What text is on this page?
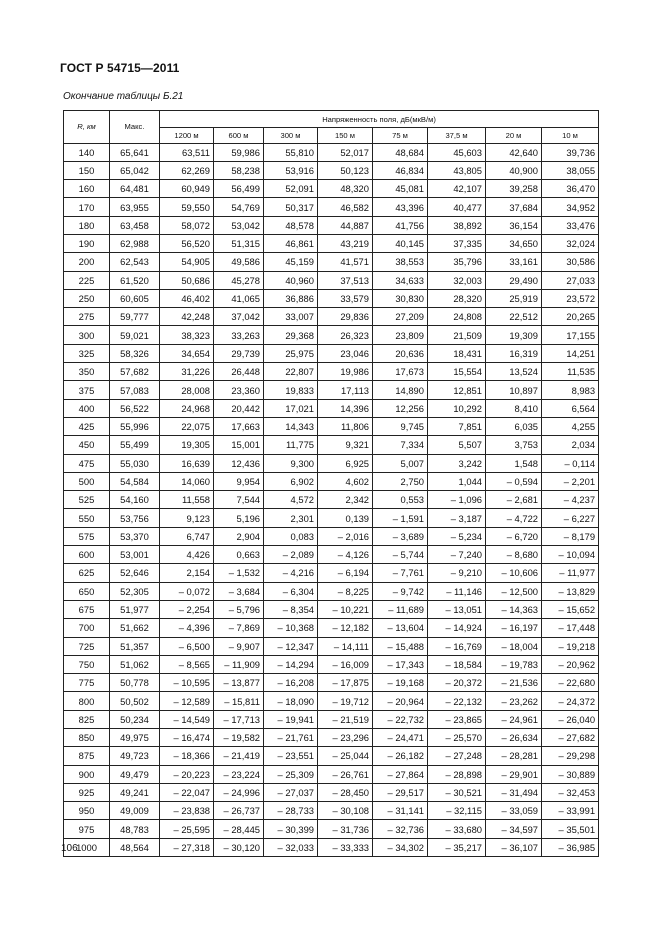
ГОСТ Р 54715—2011
Окончание таблицы Б.21
R, км	Макс.	Напряженность поля, дБ(мкВ/м)							
		1200 м	600 м	300 м	150 м	75 м	37,5 м	20 м	10 м
140	65,641	63,511	59,986	55,810	52,017	48,684	45,603	42,640	39,736
150	65,042	62,269	58,238	53,916	50,123	46,834	43,805	40,900	38,055
160	64,481	60,949	56,499	52,091	48,320	45,081	42,107	39,258	36,470
170	63,955	59,550	54,769	50,317	46,582	43,396	40,477	37,684	34,952
180	63,458	58,072	53,042	48,578	44,887	41,756	38,892	36,154	33,476
190	62,988	56,520	51,315	46,861	43,219	40,145	37,335	34,650	32,024
200	62,543	54,905	49,586	45,159	41,571	38,553	35,796	33,161	30,586
225	61,520	50,686	45,278	40,960	37,513	34,633	32,003	29,490	27,033
250	60,605	46,402	41,065	36,886	33,579	30,830	28,320	25,919	23,572
275	59,777	42,248	37,042	33,007	29,836	27,209	24,808	22,512	20,265
300	59,021	38,323	33,263	29,368	26,323	23,809	21,509	19,309	17,155
325	58,326	34,654	29,739	25,975	23,046	20,636	18,431	16,319	14,251
350	57,682	31,226	26,448	22,807	19,986	17,673	15,554	13,524	11,535
375	57,083	28,008	23,360	19,833	17,113	14,890	12,851	10,897	8,983
400	56,522	24,968	20,442	17,021	14,396	12,256	10,292	8,410	6,564
425	55,996	22,075	17,663	14,343	11,806	9,745	7,851	6,035	4,255
450	55,499	19,305	15,001	11,775	9,321	7,334	5,507	3,753	2,034
475	55,030	16,639	12,436	9,300	6,925	5,007	3,242	1,548	– 0,114
500	54,584	14,060	9,954	6,902	4,602	2,750	1,044	– 0,594	– 2,201
525	54,160	11,558	7,544	4,572	2,342	0,553	– 1,096	– 2,681	– 4,237
550	53,756	9,123	5,196	2,301	0,139	– 1,591	– 3,187	– 4,722	– 6,227
575	53,370	6,747	2,904	0,083	– 2,016	– 3,689	– 5,234	– 6,720	– 8,179
600	53,001	4,426	0,663	– 2,089	– 4,126	– 5,744	– 7,240	– 8,680	– 10,094
625	52,646	2,154	– 1,532	– 4,216	– 6,194	– 7,761	– 9,210	– 10,606	– 11,977
650	52,305	– 0,072	– 3,684	– 6,304	– 8,225	– 9,742	– 11,146	– 12,500	– 13,829
675	51,977	– 2,254	– 5,796	– 8,354	– 10,221	– 11,689	– 13,051	– 14,363	– 15,652
700	51,662	– 4,396	– 7,869	– 10,368	– 12,182	– 13,604	– 14,924	– 16,197	– 17,448
725	51,357	– 6,500	– 9,907	– 12,347	– 14,111	– 15,488	– 16,769	– 18,004	– 19,218
750	51,062	– 8,565	– 11,909	– 14,294	– 16,009	– 17,343	– 18,584	– 19,783	– 20,962
775	50,778	– 10,595	– 13,877	– 16,208	– 17,875	– 19,168	– 20,372	– 21,536	– 22,680
800	50,502	– 12,589	– 15,811	– 18,090	– 19,712	– 20,964	– 22,132	– 23,262	– 24,372
825	50,234	– 14,549	– 17,713	– 19,941	– 21,519	– 22,732	– 23,865	– 24,961	– 26,040
850	49,975	– 16,474	– 19,582	– 21,761	– 23,296	– 24,471	– 25,570	– 26,634	– 27,682
875	49,723	– 18,366	– 21,419	– 23,551	– 25,044	– 26,182	– 27,248	– 28,281	– 29,298
900	49,479	– 20,223	– 23,224	– 25,309	– 26,761	– 27,864	– 28,898	– 29,901	– 30,889
925	49,241	– 22,047	– 24,996	– 27,037	– 28,450	– 29,517	– 30,521	– 31,494	– 32,453
950	49,009	– 23,838	– 26,737	– 28,733	– 30,108	– 31,141	– 32,115	– 33,059	– 33,991
975	48,783	– 25,595	– 28,445	– 30,399	– 31,736	– 32,736	– 33,680	– 34,597	– 35,501
1000	48,564	– 27,318	– 30,120	– 32,033	– 33,333	– 34,302	– 35,217	– 36,107	– 36,985
106
